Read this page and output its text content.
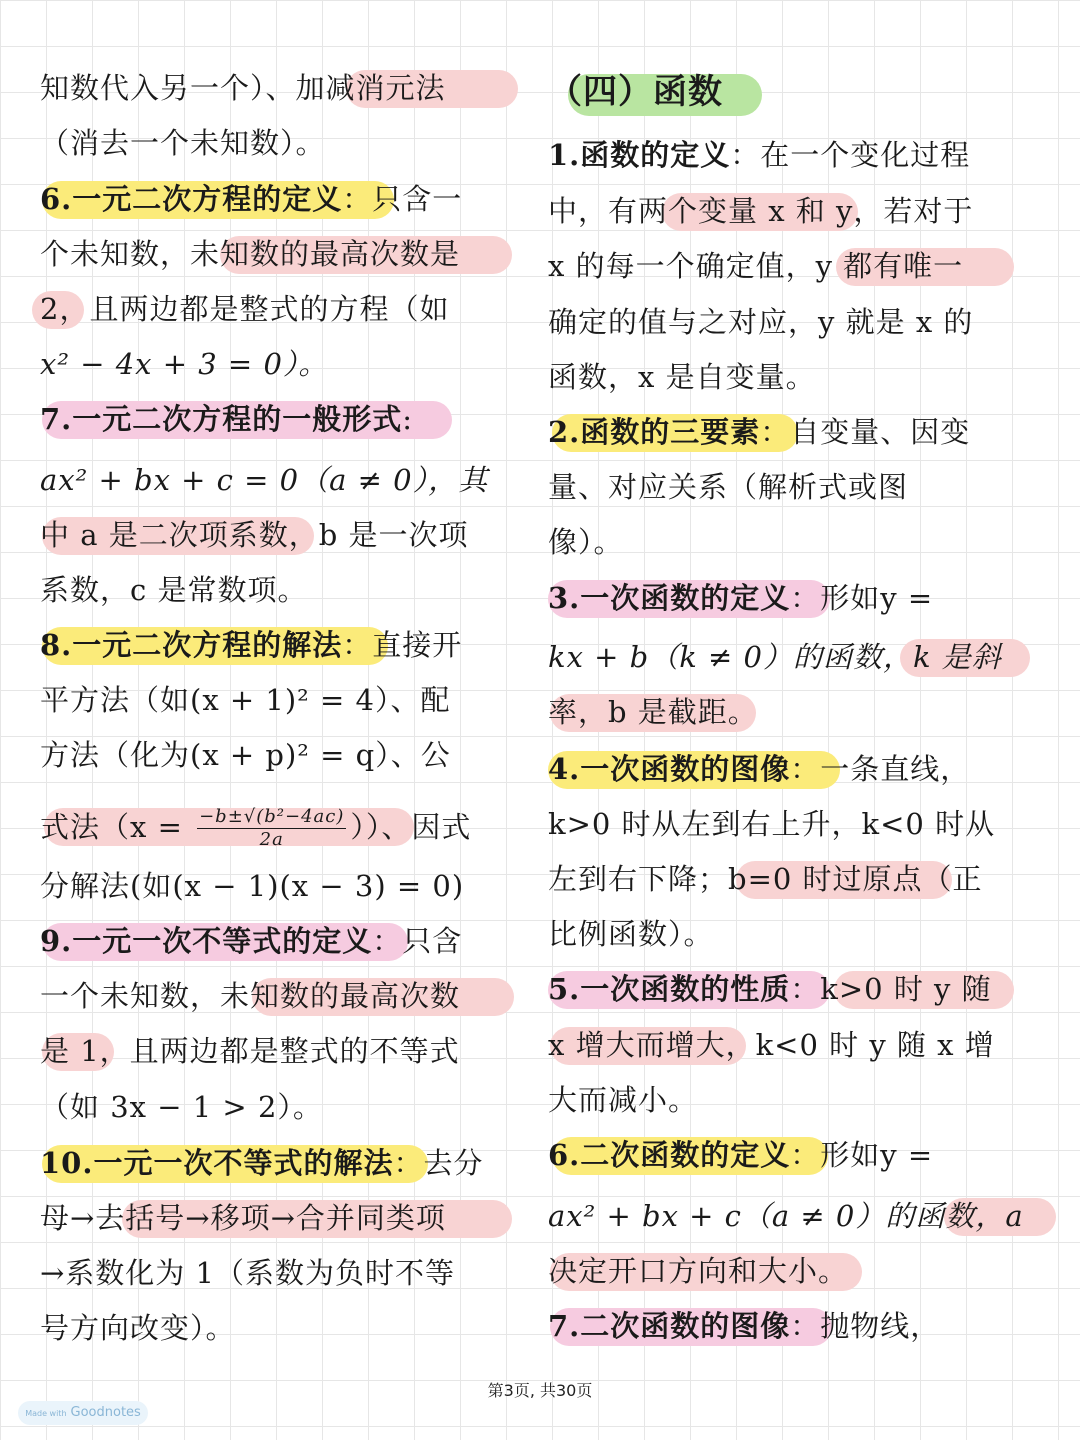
知数代入另一个）、加减消元法
（消去一个未知数）。
6.一元二次方程的定义：只含一
个未知数，未知数的最高次数是
2，且两边都是整式的方程（如
x² − 4x + 3 = 0）。
7.一元二次方程的一般形式:
ax² + bx + c = 0（a ≠ 0），其
中 a 是二次项系数，b 是一次项
系数，c 是常数项。
8.一元二次方程的解法：直接开
平方法（如(x + 1)² = 4）、配
方法（化为(x + p)² = q）、公
式法（$x = \frac{\text{−b±√(b²−4ac)}}{2a}$ ））、因式
分解法(如(x − 1)(x − 3) = 0)
9.一元一次不等式的定义：只含
一个未知数，未知数的最高次数
是 1，且两边都是整式的不等式
（如 3x − 1 > 2）。
10.一元一次不等式的解法：去分
母→去括号→移项→合并同类项
→系数化为 1（系数为负时不等
号方向改变）。
（四）函数
1.函数的定义：在一个变化过程
中，有两个变量 x 和 y，若对于
x 的每一个确定值，y 都有唯一
确定的值与之对应，y 就是 x 的
函数，x 是自变量。
2.函数的三要素：自变量、因变
量、对应关系（解析式或图
像）。
3.一次函数的定义：形如y =
kx + b（k ≠ 0）的函数，k 是斜
率，b 是截距。
4.一次函数的图像：一条直线，
k>0 时从左到右上升，k<0 时从
左到右下降；b=0 时过原点（正
比例函数）。
5.一次函数的性质：k>0 时 y 随
x 增大而增大，k<0 时 y 随 x 增
大而减小。
6.二次函数的定义：形如y =
ax² + bx + c（a ≠ 0）的函数，a
决定开口方向和大小。
7.二次函数的图像：抛物线，
第3页, 共30页
Made with Goodnotes
